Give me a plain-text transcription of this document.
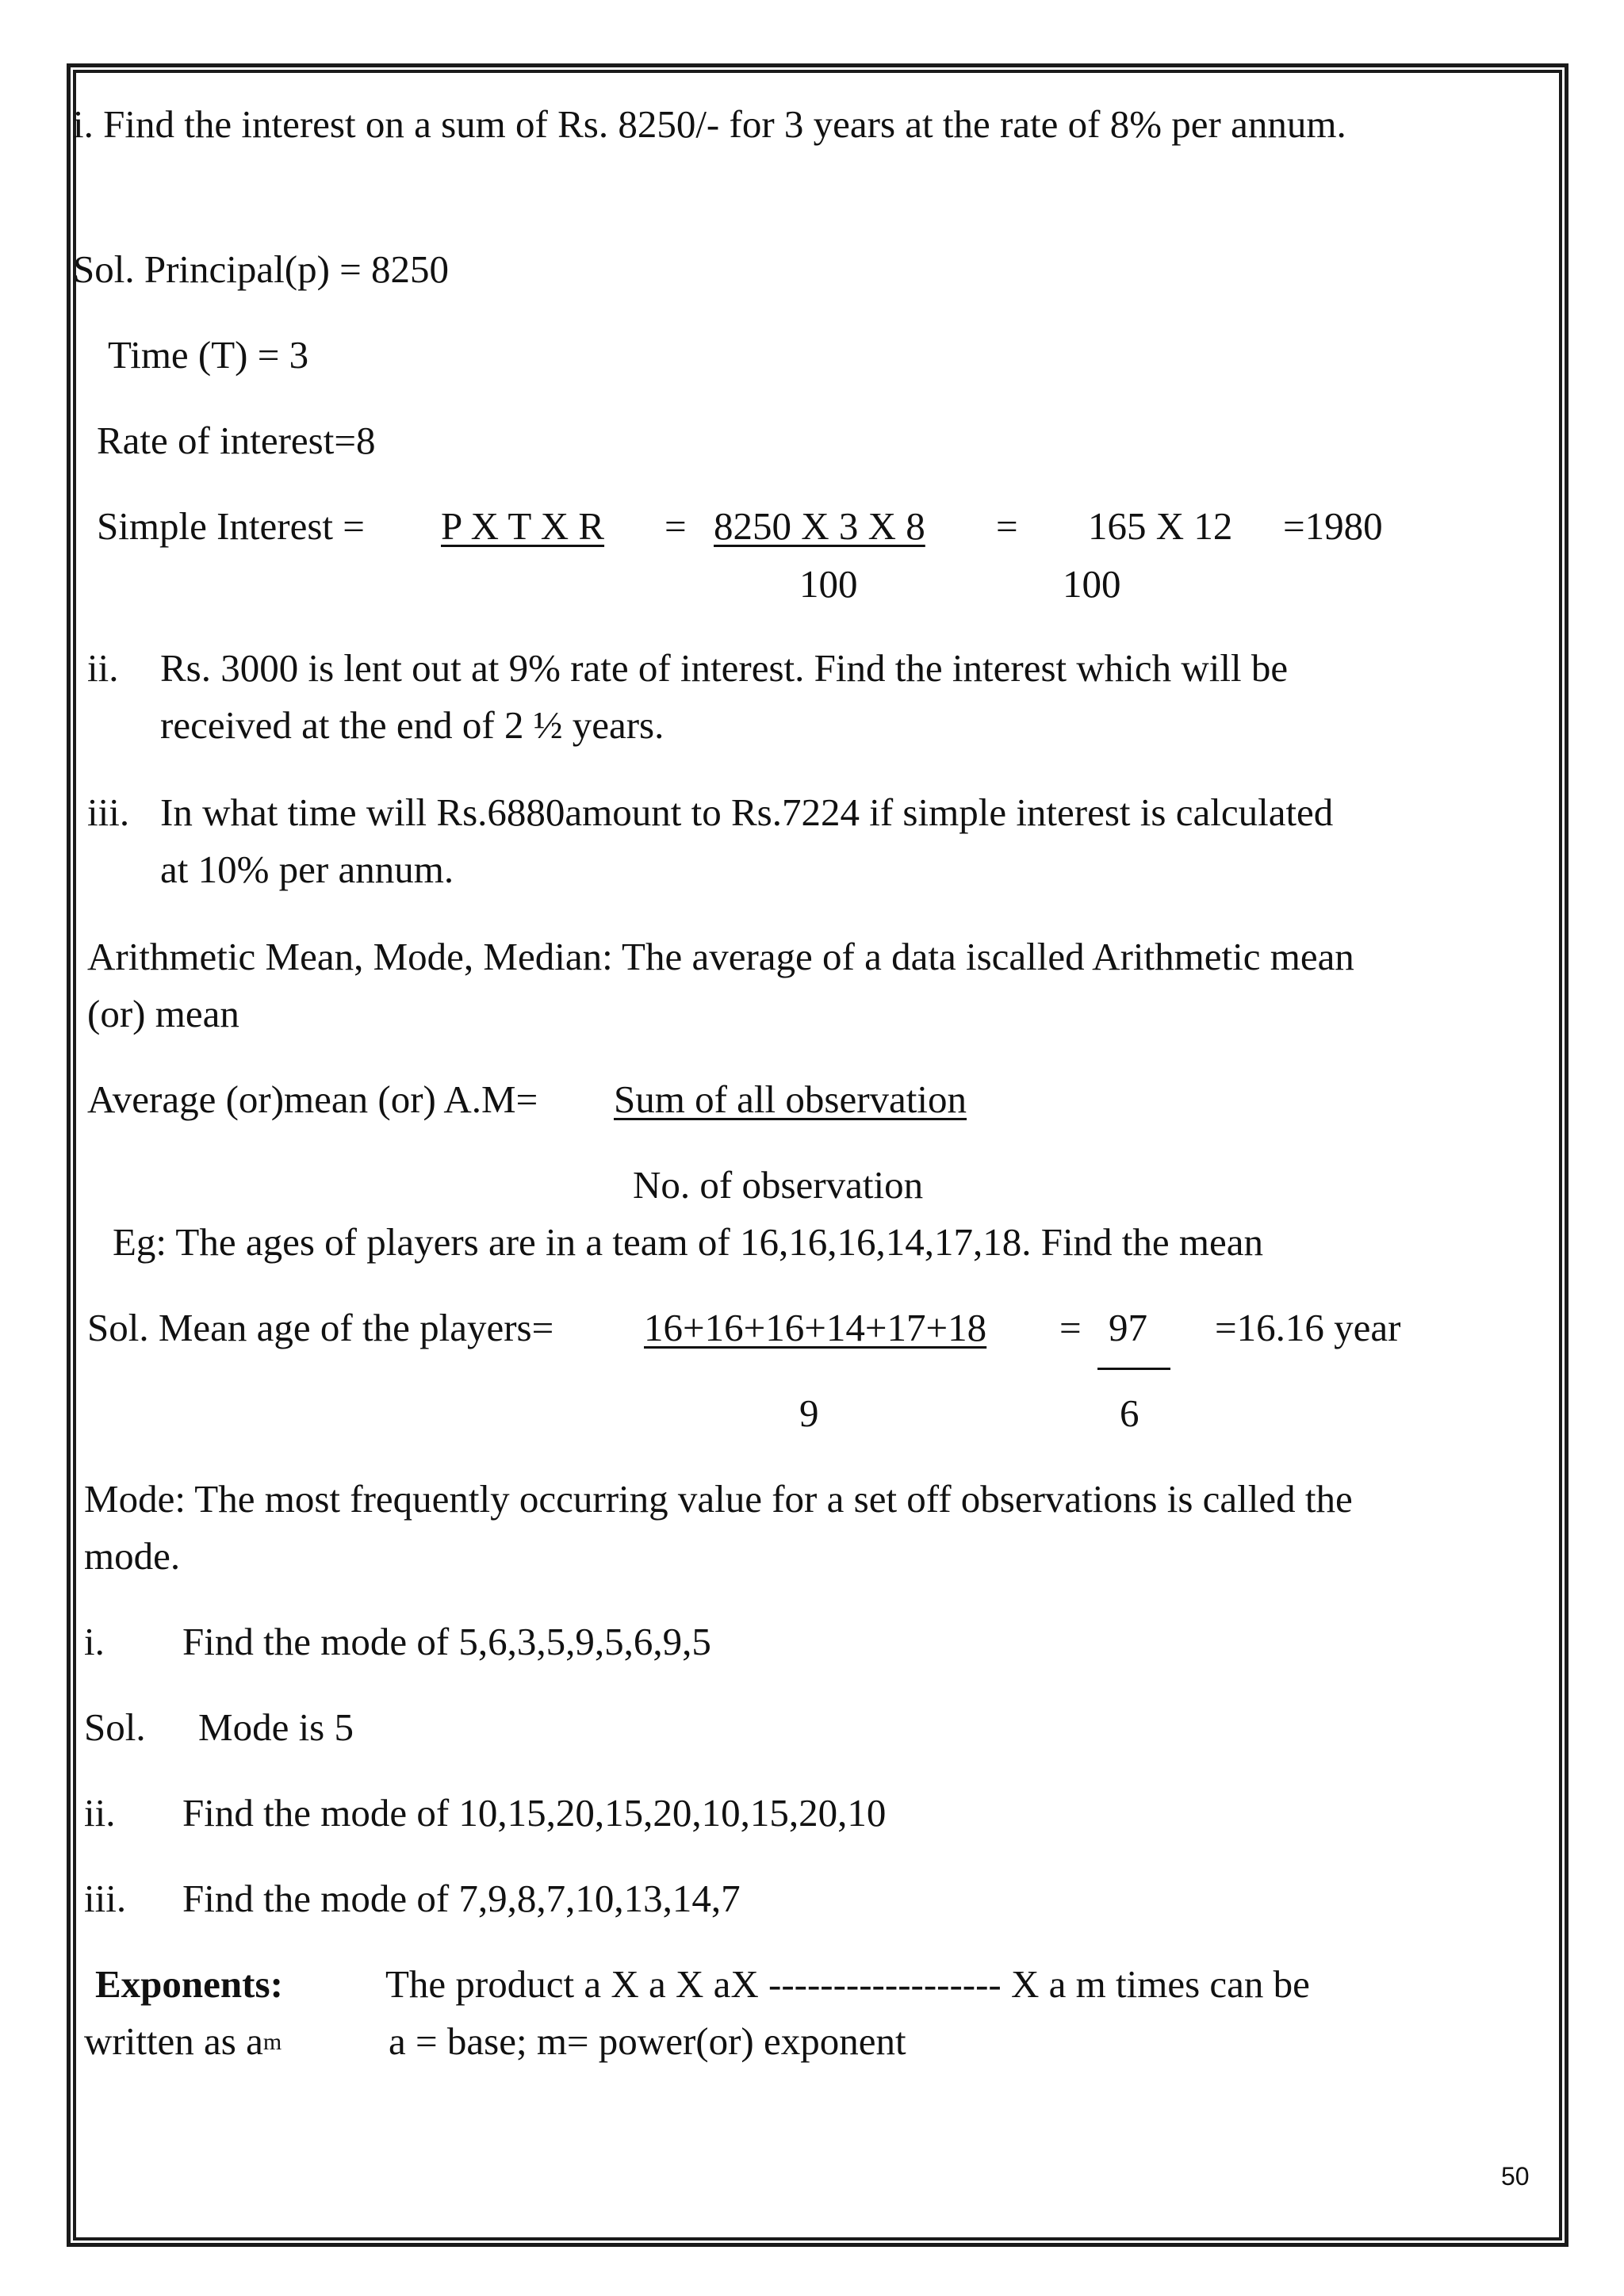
i. Find the interest on a sum of Rs. 8250/- for 3 years at the rate of 8% per annum.
Sol. Principal(p) = 8250
Time (T) = 3
Rate of interest=8
Simple Interest = P X T X R = 8250 X 3 X 8 = 165 X 12 =1980
100	100
ii. Rs. 3000 is lent out at 9% rate of interest. Find the interest which will be
received at the end of 2 ½ years.
iii. In what time will Rs.6880amount to Rs.7224 if simple interest is calculated
at 10% per annum.
Arithmetic Mean, Mode, Median: The average of a data iscalled Arithmetic mean
(or) mean
Average (or)mean (or) A.M= Sum of all observation
No. of observation
Eg: The ages of players are in a team of 16,16,16,14,17,18. Find the mean
Sol. Mean age of the players= 16+16+16+14+17+18 = 97 =16.16 year
9	6
Mode: The most frequently occurring value for a set off observations is called the
mode.
i. Find the mode of 5,6,3,5,9,5,6,9,5
Sol. Mode is 5
ii. Find the mode of 10,15,20,15,20,10,15,20,10
iii. Find the mode of 7,9,8,7,10,13,14,7
Exponents:	The product a X a X aX ------------------ X a m times can be
written as $a^m$	a = base; m= power(or) exponent
50
